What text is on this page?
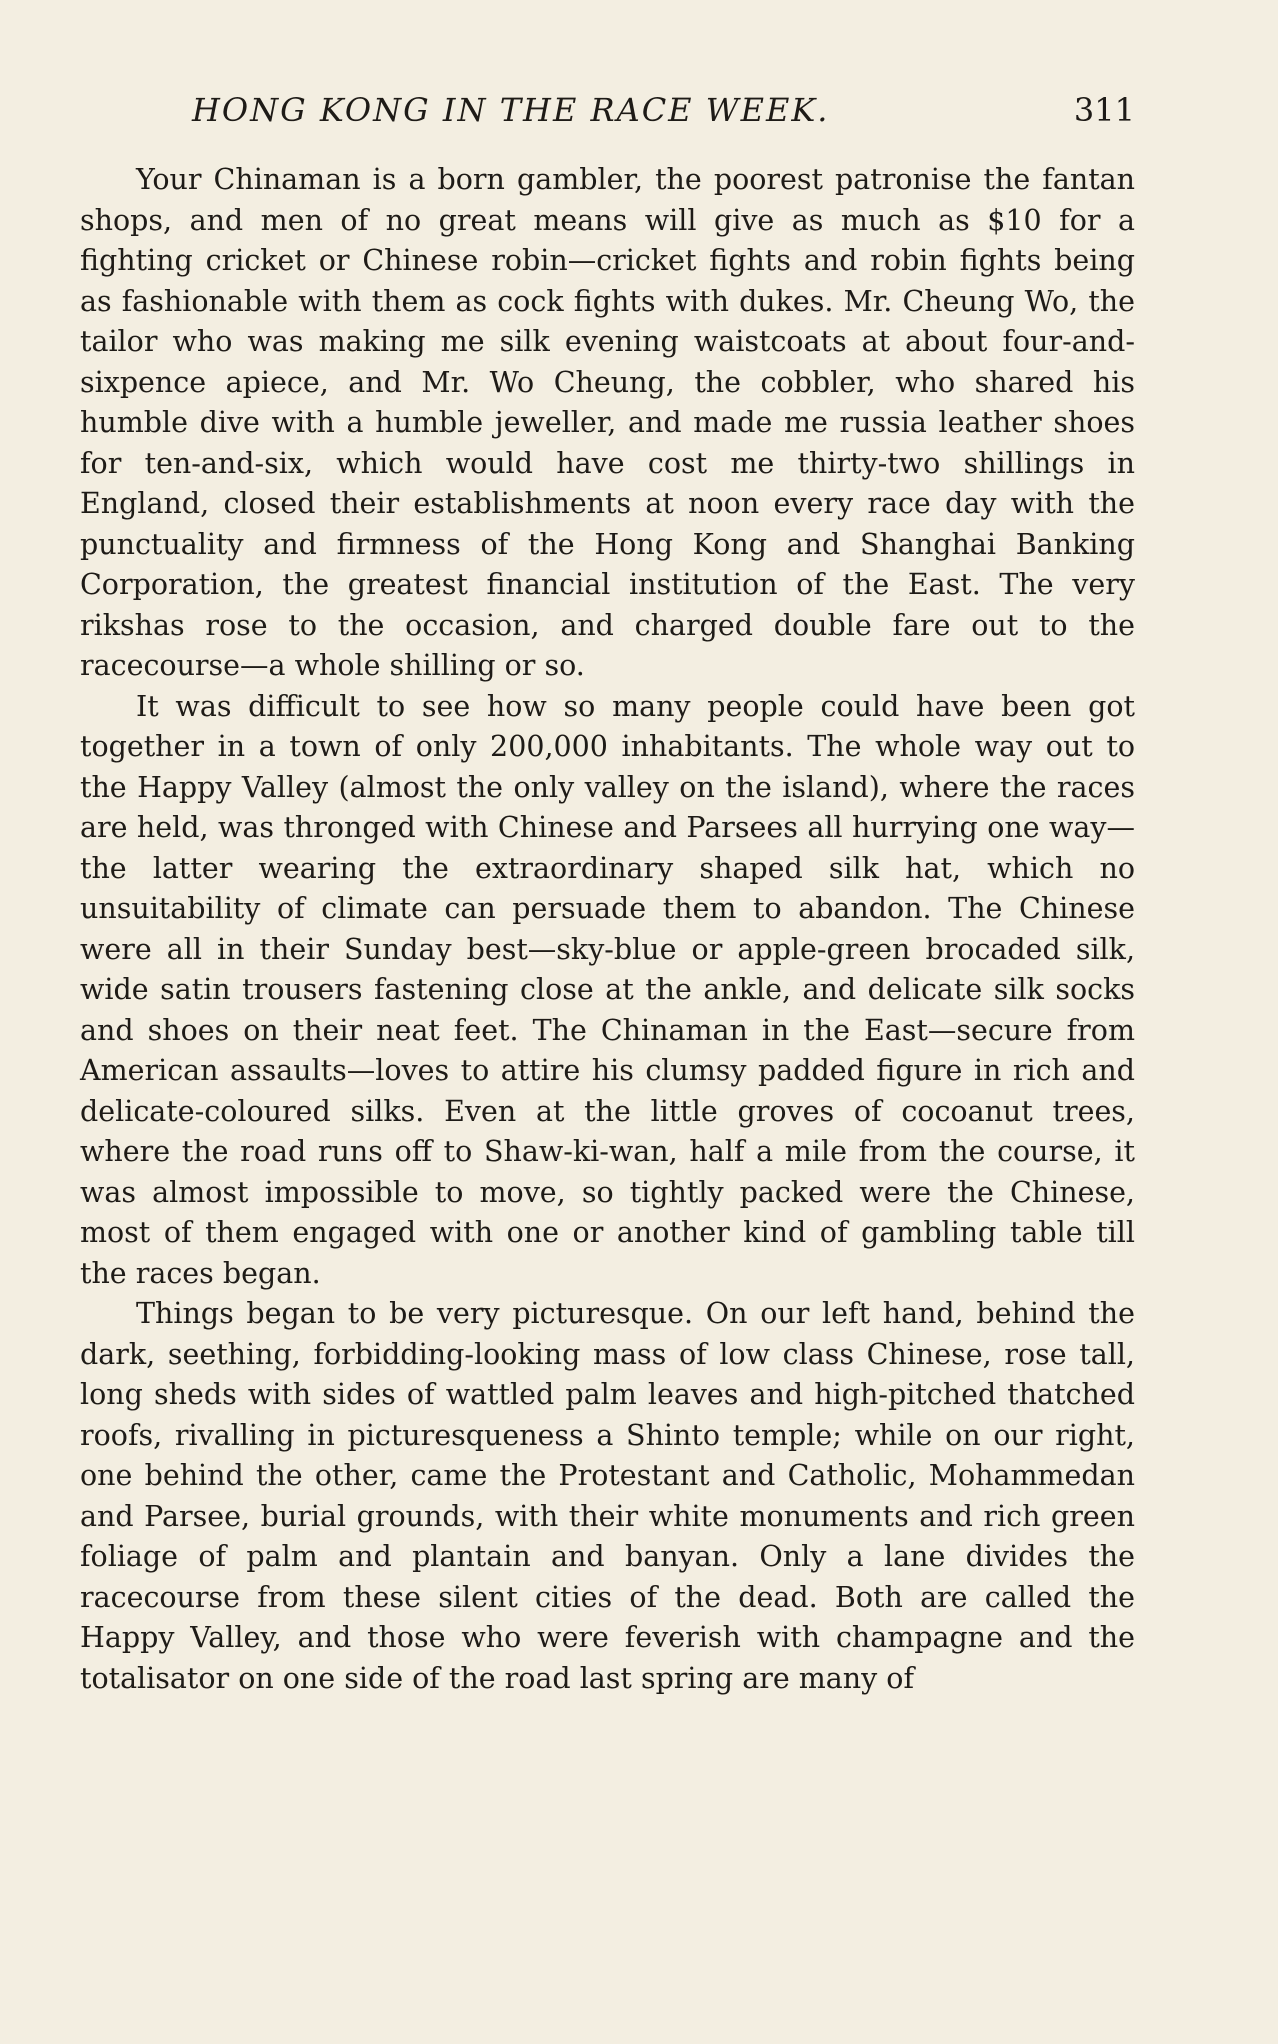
HONG KONG IN THE RACE WEEK.	311

Your Chinaman is a born gambler, the poorest patronise the fantan shops, and men of no great means will give as much as $10 for a fighting cricket or Chinese robin—cricket fights and robin fights being as fashionable with them as cock fights with dukes. Mr. Cheung Wo, the tailor who was making me silk evening waistcoats at about four-and-sixpence apiece, and Mr. Wo Cheung, the cobbler, who shared his humble dive with a humble jeweller, and made me russia leather shoes for ten-and-six, which would have cost me thirty-two shillings in England, closed their establishments at noon every race day with the punctuality and firmness of the Hong Kong and Shanghai Banking Corporation, the greatest financial institution of the East. The very rikshas rose to the occasion, and charged double fare out to the racecourse—a whole shilling or so.

It was difficult to see how so many people could have been got together in a town of only 200,000 inhabitants. The whole way out to the Happy Valley (almost the only valley on the island), where the races are held, was thronged with Chinese and Parsees all hurrying one way—the latter wearing the extraordinary shaped silk hat, which no unsuitability of climate can persuade them to abandon. The Chinese were all in their Sunday best—sky-blue or apple-green brocaded silk, wide satin trousers fastening close at the ankle, and delicate silk socks and shoes on their neat feet. The Chinaman in the East—secure from American assaults—loves to attire his clumsy padded figure in rich and delicate-coloured silks. Even at the little groves of cocoanut trees, where the road runs off to Shaw-ki-wan, half a mile from the course, it was almost impossible to move, so tightly packed were the Chinese, most of them engaged with one or another kind of gambling table till the races began.

Things began to be very picturesque. On our left hand, behind the dark, seething, forbidding-looking mass of low class Chinese, rose tall, long sheds with sides of wattled palm leaves and high-pitched thatched roofs, rivalling in picturesqueness a Shinto temple; while on our right, one behind the other, came the Protestant and Catholic, Mohammedan and Parsee, burial grounds, with their white monuments and rich green foliage of palm and plantain and banyan. Only a lane divides the racecourse from these silent cities of the dead. Both are called the Happy Valley, and those who were feverish with champagne and the totalisator on one side of the road last spring are many of
